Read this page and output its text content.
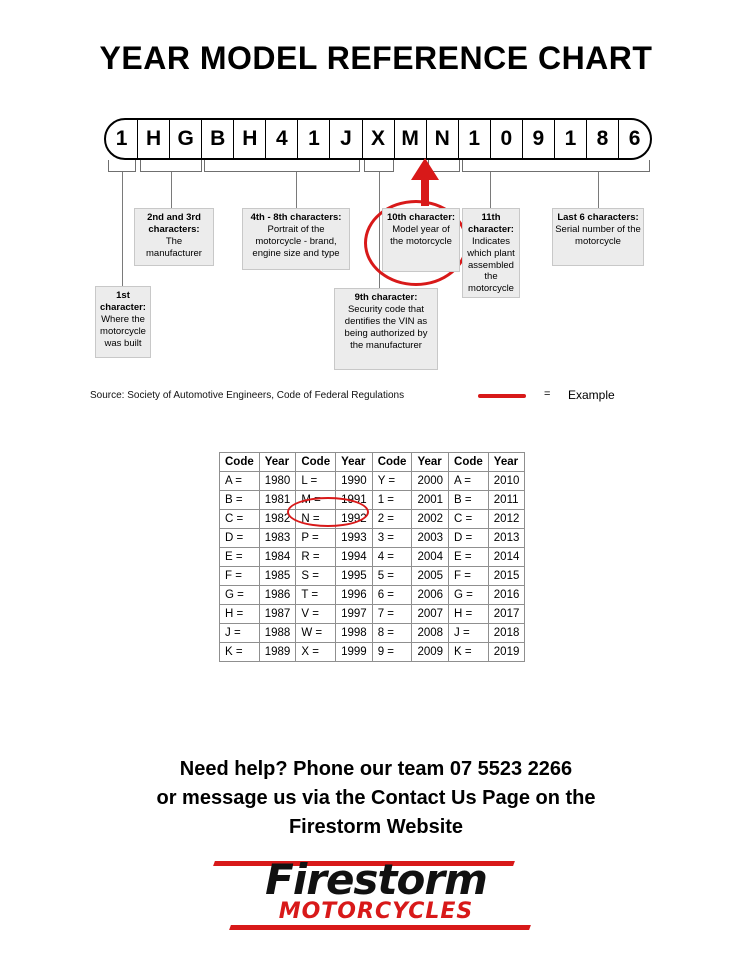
YEAR MODEL REFERENCE CHART
1 H G B H 4 1 J X M N 1 0 9 1 8 6
1st character:
Where the motorcycle was built
2nd and 3rd characters:
The manufacturer
4th - 8th characters:
Portrait of the motorcycle - brand, engine size and type
9th character:
Security code that dentifies the VIN as being authorized by the manufacturer
10th character:
Model year of the motorcycle
11th character:
Indicates which plant assembled the motorcycle
Last 6 characters:
Serial number of the motorcycle
Source: Society of Automotive Engineers, Code of Federal Regulations	= Example
Code	Year	Code	Year	Code	Year	Code	Year
A =	1980	L =	1990	Y =	2000	A =	2010
B =	1981	M =	1991	1 =	2001	B =	2011
C =	1982	N =	1992	2 =	2002	C =	2012
D =	1983	P =	1993	3 =	2003	D =	2013
E =	1984	R =	1994	4 =	2004	E =	2014
F =	1985	S =	1995	5 =	2005	F =	2015
G =	1986	T =	1996	6 =	2006	G =	2016
H =	1987	V =	1997	7 =	2007	H =	2017
J =	1988	W =	1998	8 =	2008	J =	2018
K =	1989	X =	1999	9 =	2009	K =	2019
Need help? Phone our team 07 5523 2266
or message us via the Contact Us Page on the
Firestorm Website
Firestorm
MOTORCYCLES
